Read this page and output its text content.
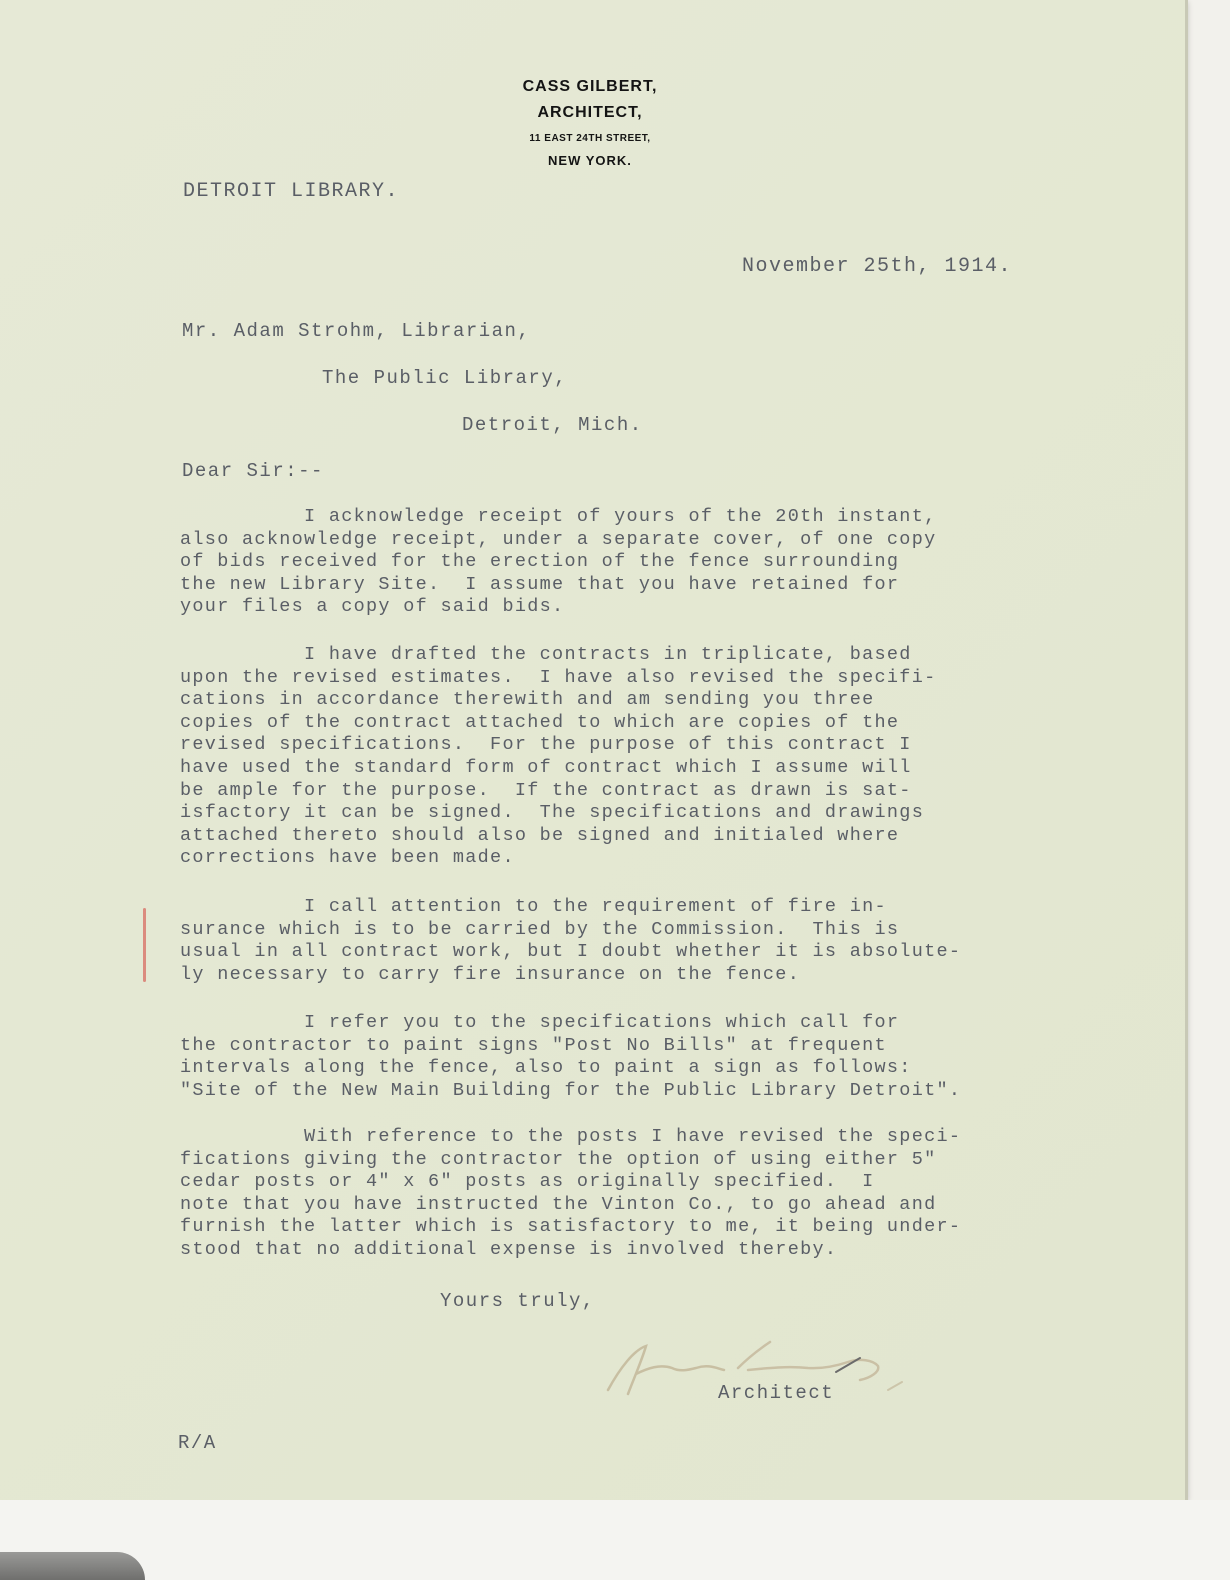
CASS GILBERT,
ARCHITECT,
11 EAST 24TH STREET,
NEW YORK.
DETROIT LIBRARY.
November 25th, 1914.
Mr. Adam Strohm, Librarian,
The Public Library,
Detroit, Mich.
Dear Sir:--

I acknowledge receipt of yours of the 20th instant,
also acknowledge receipt, under a separate cover, of one copy
of bids received for the erection of the fence surrounding
the new Library Site.  I assume that you have retained for
your files a copy of said bids.

I have drafted the contracts in triplicate, based
upon the revised estimates.  I have also revised the specifi-
cations in accordance therewith and am sending you three
copies of the contract attached to which are copies of the
revised specifications.  For the purpose of this contract I
have used the standard form of contract which I assume will
be ample for the purpose.  If the contract as drawn is sat-
isfactory it can be signed.  The specifications and drawings
attached thereto should also be signed and initialed where
corrections have been made.

I call attention to the requirement of fire in-
surance which is to be carried by the Commission.  This is
usual in all contract work, but I doubt whether it is absolute-
ly necessary to carry fire insurance on the fence.

I refer you to the specifications which call for
the contractor to paint signs "Post No Bills" at frequent
intervals along the fence, also to paint a sign as follows:
"Site of the New Main Building for the Public Library Detroit".

With reference to the posts I have revised the speci-
fications giving the contractor the option of using either 5"
cedar posts or 4" x 6" posts as originally specified.  I
note that you have instructed the Vinton Co., to go ahead and
furnish the latter which is satisfactory to me, it being under-
stood that no additional expense is involved thereby.

Yours truly,
Architect
R/A
